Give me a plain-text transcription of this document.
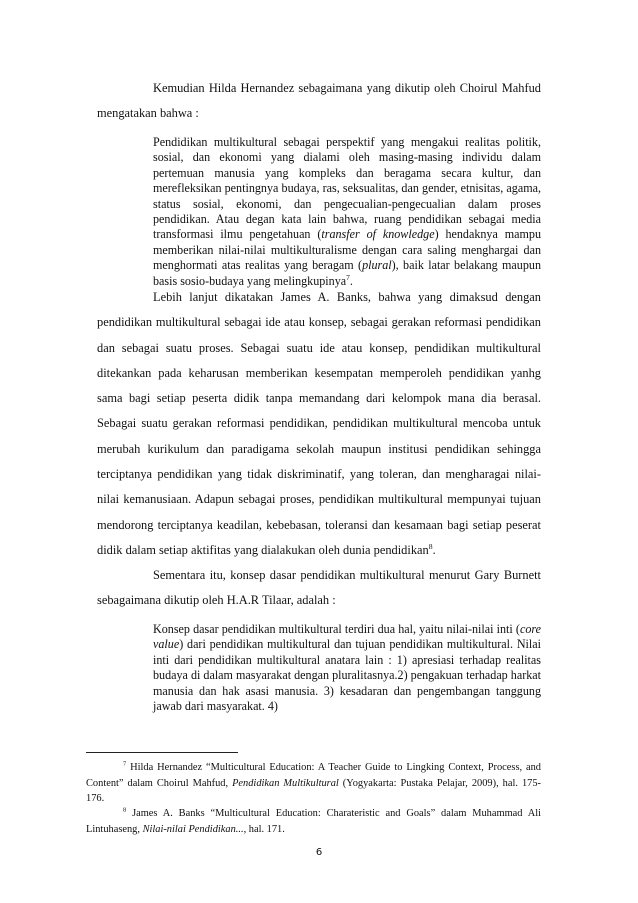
Kemudian Hilda Hernandez sebagaimana yang dikutip oleh Choirul Mahfud mengatakan bahwa :

Pendidikan multikultural sebagai perspektif yang mengakui realitas politik, sosial, dan ekonomi yang dialami oleh masing-masing individu dalam pertemuan manusia yang kompleks dan beragama secara kultur, dan merefleksikan pentingnya budaya, ras, seksualitas, dan gender, etnisitas, agama, status sosial, ekonomi, dan pengecualian-pengecualian dalam proses pendidikan. Atau degan kata lain bahwa, ruang pendidikan sebagai media transformasi ilmu pengetahuan (transfer of knowledge) hendaknya mampu memberikan nilai-nilai multikulturalisme dengan cara saling menghargai dan menghormati atas realitas yang beragam (plural), baik latar belakang maupun basis sosio-budaya yang melingkupinya$^7$.

Lebih lanjut dikatakan James A. Banks, bahwa yang dimaksud dengan pendidikan multikultural sebagai ide atau konsep, sebagai gerakan reformasi pendidikan dan sebagai suatu proses. Sebagai suatu ide atau konsep, pendidikan multikultural ditekankan pada keharusan memberikan kesempatan memperoleh pendidikan yanhg sama bagi setiap peserta didik tanpa memandang dari kelompok mana dia berasal. Sebagai suatu gerakan reformasi pendidikan, pendidikan multikultural mencoba untuk merubah kurikulum dan paradigama sekolah maupun institusi pendidikan sehingga terciptanya pendidikan yang tidak diskriminatif, yang toleran, dan mengharagai nilai-nilai kemanusiaan. Adapun sebagai proses, pendidikan multikultural mempunyai tujuan mendorong terciptanya keadilan, kebebasan, toleransi dan kesamaan bagi setiap peserat didik dalam setiap aktifitas yang dialakukan oleh dunia pendidikan$^8$.

Sementara itu, konsep dasar pendidikan multikultural menurut Gary Burnett sebagaimana dikutip oleh H.A.R Tilaar, adalah :

Konsep dasar pendidikan multikultural terdiri dua hal, yaitu nilai-nilai inti (core value) dari pendidikan multikultural dan tujuan pendidikan multikultural. Nilai inti dari pendidikan multikultural anatara lain : 1) apresiasi terhadap realitas budaya di dalam masyarakat dengan pluralitasnya.2) pengakuan terhadap harkat manusia dan hak asasi manusia. 3) kesadaran dan pengembangan tanggung jawab dari masyarakat. 4)

$^7$ Hilda Hernandez “Multicultural Education: A Teacher Guide to Lingking Context, Process, and Content” dalam Choirul Mahfud, Pendidikan Multikultural (Yogyakarta: Pustaka Pelajar, 2009), hal. 175-176.

$^8$ James A. Banks “Multicultural Education: Charateristic and Goals” dalam Muhammad Ali Lintuhaseng, Nilai-nilai Pendidikan..., hal. 171.

6
